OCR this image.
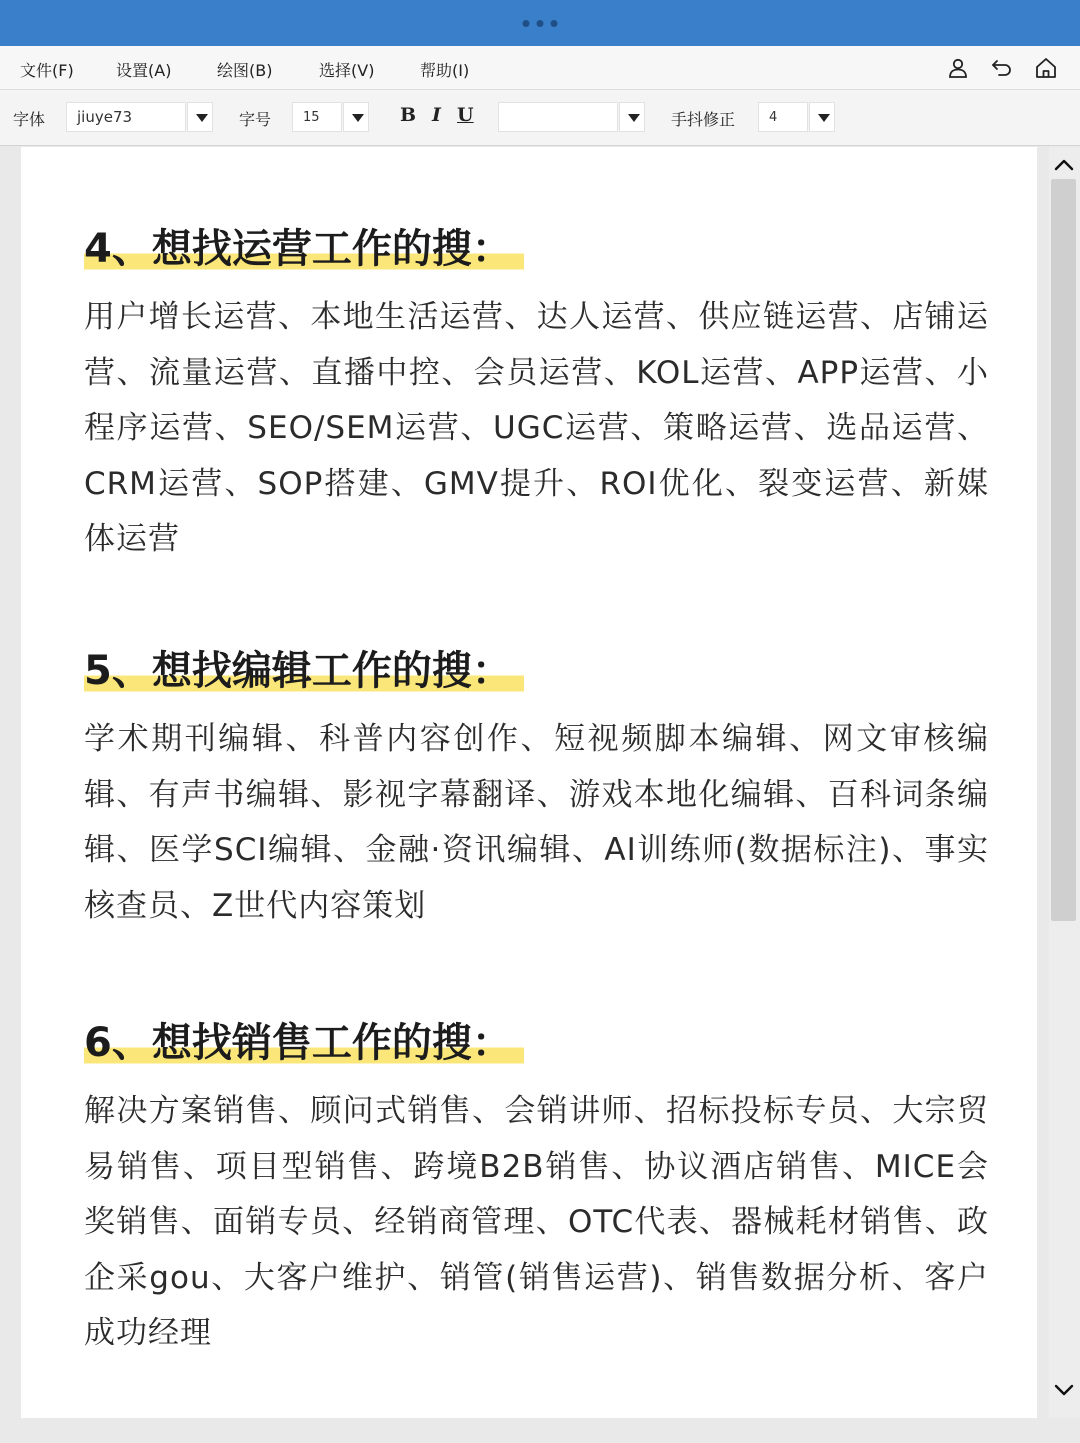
文件(F)	设置(A)	绘图(B)	选择(V)	帮助(I)
字体	jiuye73	字号	15	B I U	手抖修正	4
4、想找运营工作的搜：
用户增长运营、本地生活运营、达人运营、供应链运营、店铺运营、流量运营、直播中控、会员运营、KOL运营、APP运营、小程序运营、SEO/SEM运营、UGC运营、策略运营、选品运营、CRM运营、SOP搭建、GMV提升、ROI优化、裂变运营、新媒体运营
5、想找编辑工作的搜：
学术期刊编辑、科普内容创作、短视频脚本编辑、网文审核编辑、有声书编辑、影视字幕翻译、游戏本地化编辑、百科词条编辑、医学SCI编辑、金融·资讯编辑、AI训练师(数据标注)、事实核查员、Z世代内容策划
6、想找销售工作的搜：
解决方案销售、顾问式销售、会销讲师、招标投标专员、大宗贸易销售、项目型销售、跨境B2B销售、协议酒店销售、MICE会奖销售、面销专员、经销商管理、OTC代表、器械耗材销售、政企采gou、大客户维护、销管(销售运营)、销售数据分析、客户成功经理
